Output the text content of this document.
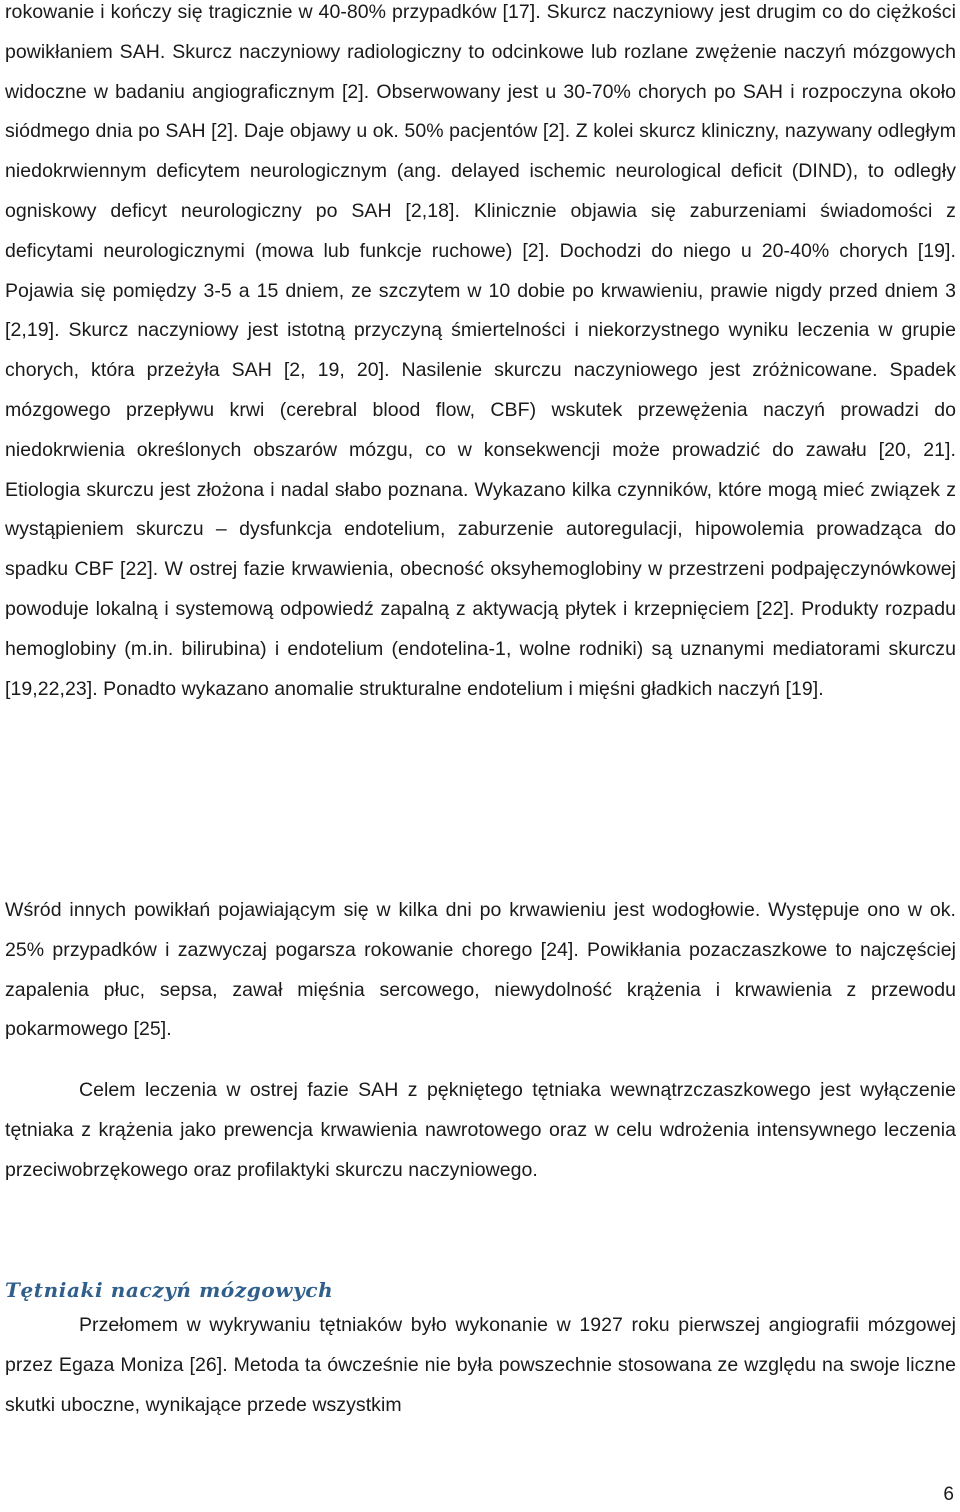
rokowanie i kończy się tragicznie w 40-80% przypadków [17]. Skurcz naczyniowy jest drugim co do ciężkości powikłaniem SAH. Skurcz naczyniowy radiologiczny to odcinkowe lub rozlane zwężenie naczyń mózgowych widoczne w badaniu angiograficznym [2]. Obserwowany jest u 30-70% chorych po SAH i rozpoczyna około siódmego dnia po SAH [2]. Daje objawy u ok. 50% pacjentów [2]. Z kolei skurcz kliniczny, nazywany odległym niedokrwiennym deficytem neurologicznym (ang. delayed ischemic neurological deficit (DIND), to odległy ogniskowy deficyt neurologiczny po SAH [2,18]. Klinicznie objawia się zaburzeniami świadomości z deficytami neurologicznymi (mowa lub funkcje ruchowe) [2]. Dochodzi do niego u 20-40% chorych [19]. Pojawia się pomiędzy 3-5 a 15 dniem, ze szczytem w 10 dobie po krwawieniu, prawie nigdy przed dniem 3 [2,19]. Skurcz naczyniowy jest istotną przyczyną śmiertelności i niekorzystnego wyniku leczenia w grupie chorych, która przeżyła SAH [2, 19, 20]. Nasilenie skurczu naczyniowego jest zróżnicowane. Spadek mózgowego przepływu krwi (cerebral blood flow, CBF) wskutek przewężenia naczyń prowadzi do niedokrwienia określonych obszarów mózgu, co w konsekwencji może prowadzić do zawału [20, 21]. Etiologia skurczu jest złożona i nadal słabo poznana. Wykazano kilka czynników, które mogą mieć związek z wystąpieniem skurczu – dysfunkcja endotelium, zaburzenie autoregulacji, hipowolemia prowadząca do spadku CBF [22]. W ostrej fazie krwawienia, obecność oksyhemoglobiny w przestrzeni podpajęczynówkowej powoduje lokalną i systemową odpowiedź zapalną z aktywacją płytek i krzepnięciem [22]. Produkty rozpadu hemoglobiny (m.in. bilirubina) i endotelium (endotelina-1, wolne rodniki) są uznanymi mediatorami skurczu [19,22,23]. Ponadto wykazano anomalie strukturalne endotelium i mięśni gładkich naczyń [19].

Wśród innych powikłań pojawiającym się w kilka dni po krwawieniu jest wodogłowie. Występuje ono w ok. 25% przypadków i zazwyczaj pogarsza rokowanie chorego [24]. Powikłania pozaczaszkowe to najczęściej zapalenia płuc, sepsa, zawał mięśnia sercowego, niewydolność krążenia i krwawienia z przewodu pokarmowego [25].

Celem leczenia w ostrej fazie SAH z pękniętego tętniaka wewnątrzczaszkowego jest wyłączenie tętniaka z krążenia jako prewencja krwawienia nawrotowego oraz w celu wdrożenia intensywnego leczenia przeciwobrzękowego oraz profilaktyki skurczu naczyniowego.

Tętniaki naczyń mózgowych

Przełomem w wykrywaniu tętniaków było wykonanie w 1927 roku pierwszej angiografii mózgowej przez Egaza Moniza [26]. Metoda ta ówcześnie nie była powszechnie stosowana ze względu na swoje liczne skutki uboczne, wynikające przede wszystkim

6
